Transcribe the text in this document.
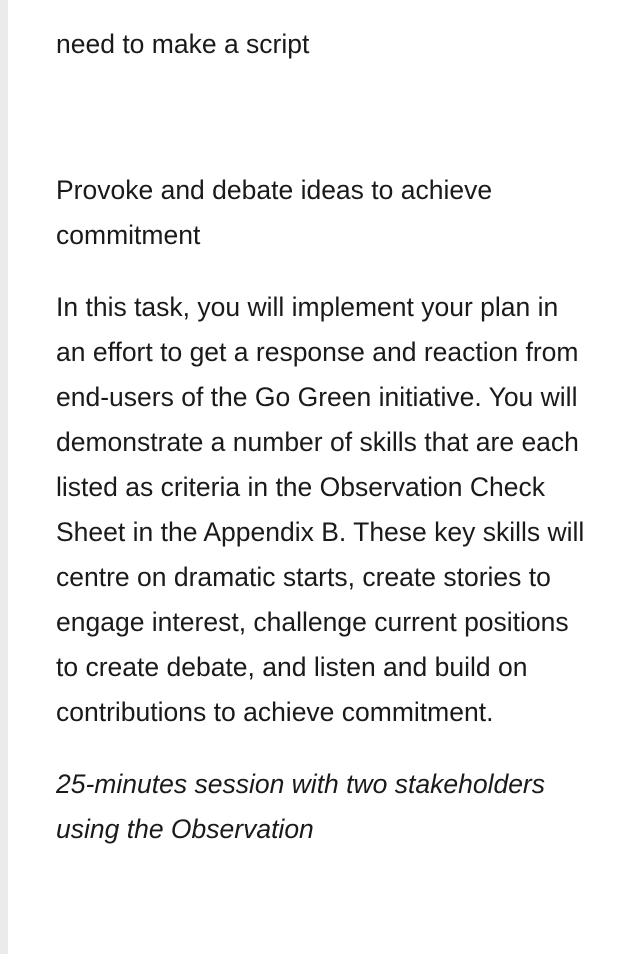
need to make a script

Provoke and debate ideas to achieve commitment

In this task, you will implement your plan in an effort to get a response and reaction from end-users of the Go Green initiative. You will demonstrate a number of skills that are each listed as criteria in the Observation Check Sheet in the Appendix B. These key skills will centre on dramatic starts, create stories to engage interest, challenge current positions to create debate, and listen and build on contributions to achieve commitment.

25-minutes session with two stakeholders using the Observation
